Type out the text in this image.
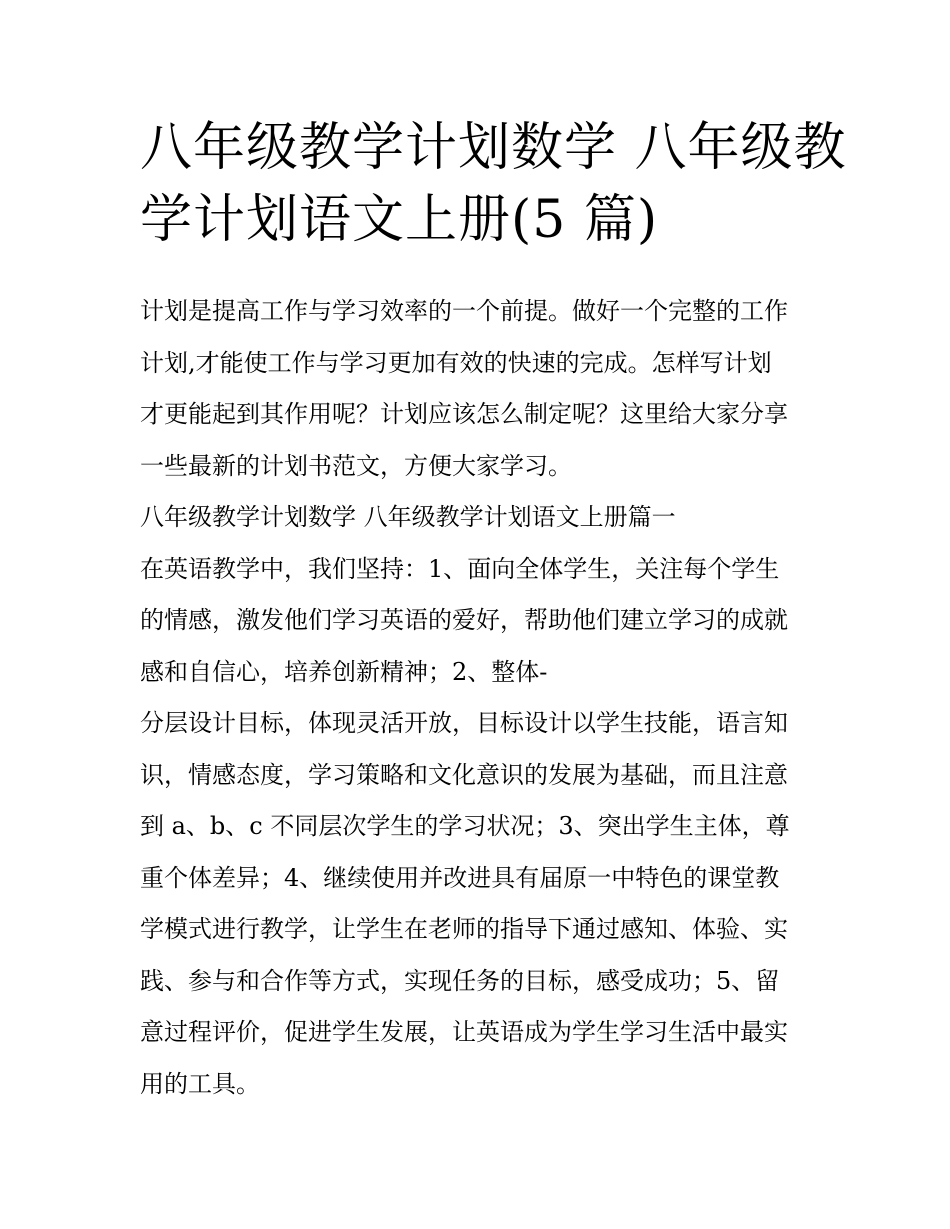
八年级教学计划数学 八年级教
学计划语文上册(5 篇)
计划是提高工作与学习效率的一个前提。做好一个完整的工作
计划,才能使工作与学习更加有效的快速的完成。怎样写计划
才更能起到其作用呢？计划应该怎么制定呢？这里给大家分享
一些最新的计划书范文，方便大家学习。
八年级教学计划数学 八年级教学计划语文上册篇一
在英语教学中，我们坚持：1、面向全体学生，关注每个学生
的情感，激发他们学习英语的爱好，帮助他们建立学习的成就
感和自信心，培养创新精神；2、整体-
分层设计目标，体现灵活开放，目标设计以学生技能，语言知
识，情感态度，学习策略和文化意识的发展为基础，而且注意
到 a、b、c 不同层次学生的学习状况；3、突出学生主体，尊
重个体差异；4、继续使用并改进具有届原一中特色的课堂教
学模式进行教学，让学生在老师的指导下通过感知、体验、实
践、参与和合作等方式，实现任务的目标，感受成功；5、留
意过程评价，促进学生发展，让英语成为学生学习生活中最实
用的工具。
